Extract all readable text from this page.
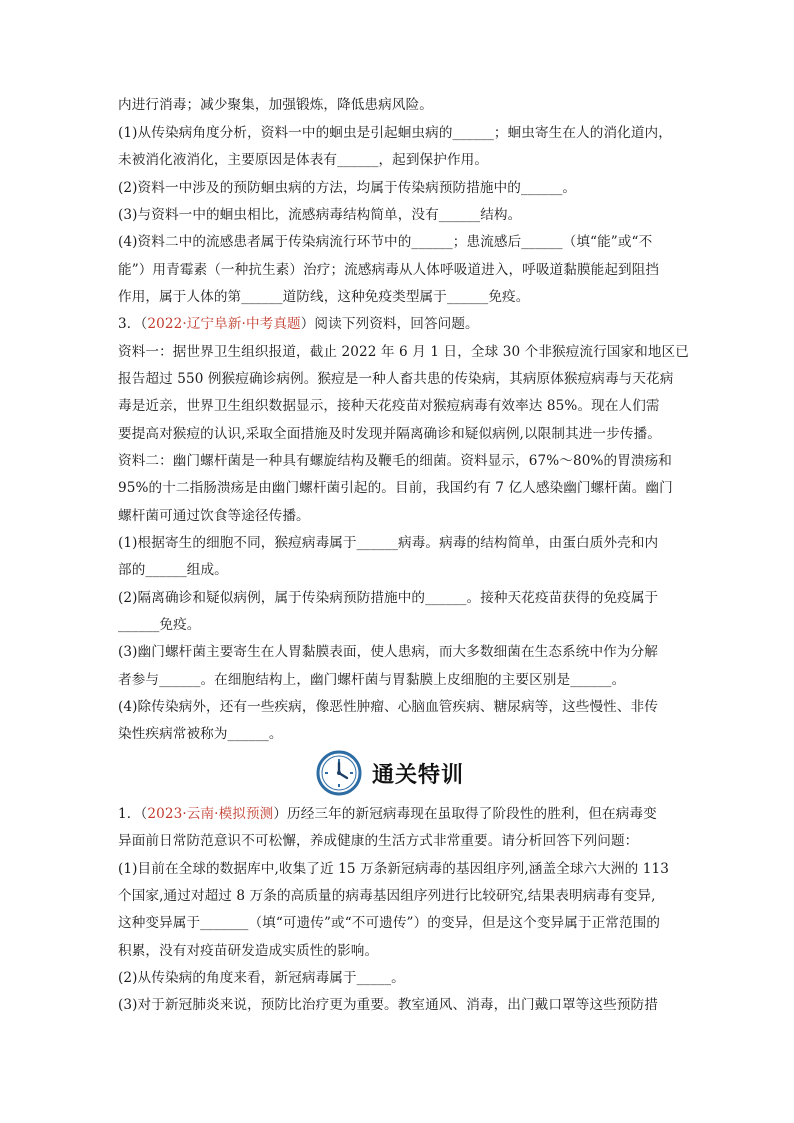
内进行消毒；减少聚集，加强锻炼，降低患病风险。
(1)从传染病角度分析，资料一中的蛔虫是引起蛔虫病的______；蛔虫寄生在人的消化道内，
未被消化液消化，主要原因是体表有______，起到保护作用。
(2)资料一中涉及的预防蛔虫病的方法，均属于传染病预防措施中的______。
(3)与资料一中的蛔虫相比，流感病毒结构简单，没有______结构。
(4)资料二中的流感患者属于传染病流行环节中的______；患流感后______（填“能”或“不
能”）用青霉素（一种抗生素）治疗；流感病毒从人体呼吸道进入，呼吸道黏膜能起到阻挡
作用，属于人体的第______道防线，这种免疫类型属于______免疫。
3．（2022·辽宁阜新·中考真题）阅读下列资料，回答问题。
资料一：据世界卫生组织报道，截止 2022 年 6 月 1 日，全球 30 个非猴痘流行国家和地区已
报告超过 550 例猴痘确诊病例。猴痘是一种人畜共患的传染病，其病原体猴痘病毒与天花病
毒是近亲，世界卫生组织数据显示，接种天花疫苗对猴痘病毒有效率达 85%。现在人们需
要提高对猴痘的认识,采取全面措施及时发现并隔离确诊和疑似病例,以限制其进一步传播。
资料二：幽门螺杆菌是一种具有螺旋结构及鞭毛的细菌。资料显示，67%～80%的胃溃疡和
95%的十二指肠溃疡是由幽门螺杆菌引起的。目前，我国约有 7 亿人感染幽门螺杆菌。幽门
螺杆菌可通过饮食等途径传播。
(1)根据寄生的细胞不同，猴痘病毒属于______病毒。病毒的结构简单，由蛋白质外壳和内
部的______组成。
(2)隔离确诊和疑似病例，属于传染病预防措施中的______。接种天花疫苗获得的免疫属于
______免疫。
(3)幽门螺杆菌主要寄生在人胃黏膜表面，使人患病，而大多数细菌在生态系统中作为分解
者参与______。在细胞结构上，幽门螺杆菌与胃黏膜上皮细胞的主要区别是______。
(4)除传染病外，还有一些疾病，像恶性肿瘤、心脑血管疾病、糖尿病等，这些慢性、非传
染性疾病常被称为______。
通关特训
1．（2023·云南·模拟预测）历经三年的新冠病毒现在虽取得了阶段性的胜利，但在病毒变
异面前日常防范意识不可松懈，养成健康的生活方式非常重要。请分析回答下列问题：
(1)目前在全球的数据库中,收集了近 15 万条新冠病毒的基因组序列,涵盖全球六大洲的 113
个国家,通过对超过 8 万条的高质量的病毒基因组序列进行比较研究,结果表明病毒有变异,
这种变异属于_______（填“可遗传”或“不可遗传”）的变异，但是这个变异属于正常范围的
积累，没有对疫苗研发造成实质性的影响。
(2)从传染病的角度来看，新冠病毒属于_____。
(3)对于新冠肺炎来说，预防比治疗更为重要。教室通风、消毒，出门戴口罩等这些预防措
